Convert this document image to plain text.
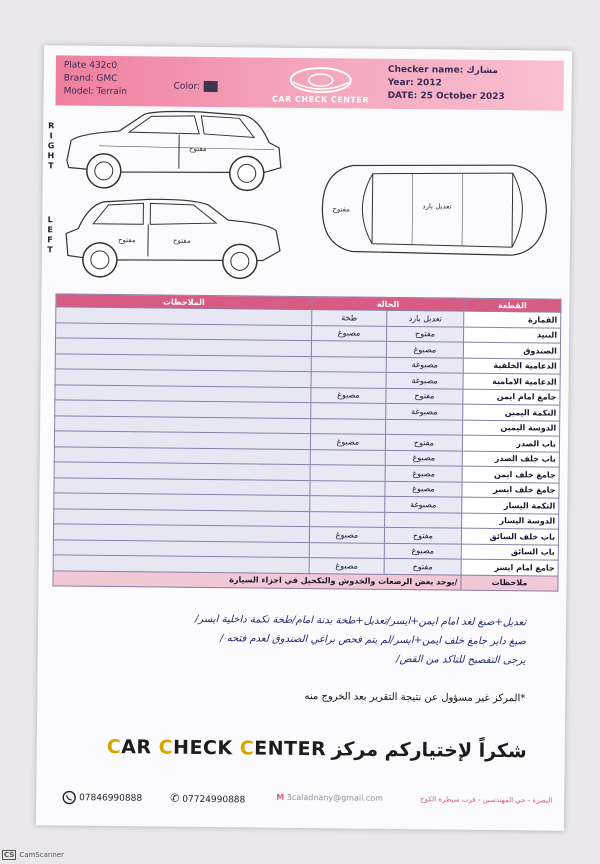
Plate 432c0
Brand: GMC
Model: Terrain	Color:
CAR CHECK CENTER
Checker name: مشارك
Year: 2012
DATE: 25 October 2023
R I G H T
L E F T
مفتوح
مفتوح	مفتوح
مفتوح	تعديل بارد
الملاحظات	الحالة		القطعة
	طخة	تعديل بارد	القمارة
	مصبوغ	مفتوح	البنيد
		مصبوغ	الصندوق
		مصبوغة	الدعامية الخلفية
		مصبوغة	الدعامية الامامية
	مصبوغ	مفتوح	جامغ امام ايمن
		مصبوغة	التكمة اليمين
			الدوسة اليمين
	مصبوغ	مفتوح	باب الصدر
		مصبوغ	باب خلف الصدر
		مصبوغ	جامغ خلف ايمن
		مصبوغ	جامغ خلف ايسر
		مصبوغة	التكمة اليسار
			الدوسة اليسار
	مصبوغ	مفتوح	باب خلف السائق
		مصبوغ	باب السائق
	مصبوغ	مفتوح	جامغ امام ايسر
يوجد بعض الرصعات والخدوش والتكحيل في اجزاء السيارة/			ملاحظات
تعديل+صبغ لغد امام ايمن+ايسر/تعديل+طخة بدنة امام/طخة تكمة داخلية ايسر/
صبغ داير جامغ خلف ايمن+ايسر/لم يتم فحص براغي الصندوق لعدم فتحه /
يرجى التفصيح للتاكد من القص/
*المركز غير مسؤول عن نتيجة التقرير بعد الخروج منه
CAR CHECK CENTER شكراً لإختياركم مركز
07846990888	✆ 07724990888	M 3caladnany@gmail.com	البصرة - حي المهندسين - قرب سيطرة الكوخ
CS CamScanner
